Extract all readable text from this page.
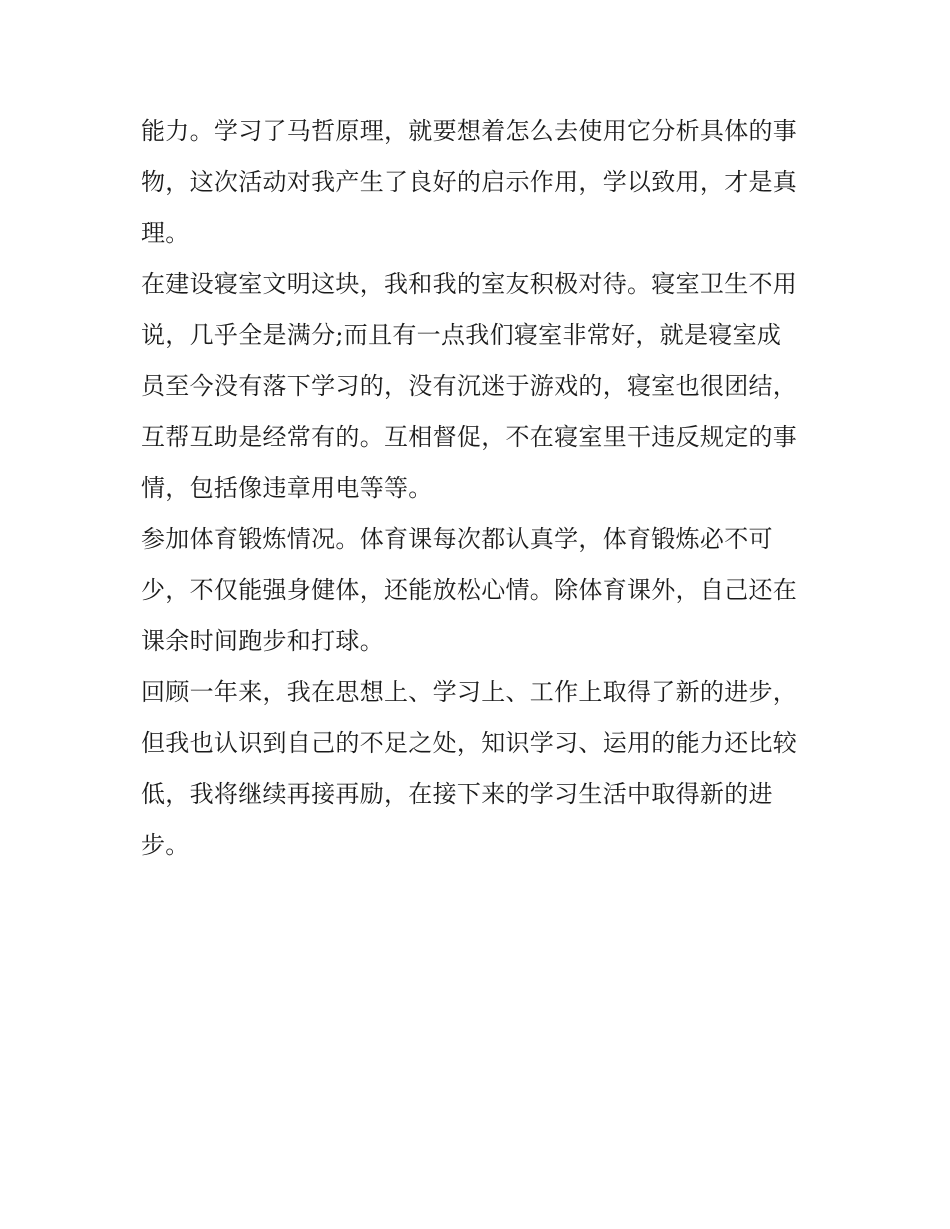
能力。学习了马哲原理，就要想着怎么去使用它分析具体的事
物，这次活动对我产生了良好的启示作用，学以致用，才是真
理。
在建设寝室文明这块，我和我的室友积极对待。寝室卫生不用
说，几乎全是满分;而且有一点我们寝室非常好，就是寝室成
员至今没有落下学习的，没有沉迷于游戏的，寝室也很团结，
互帮互助是经常有的。互相督促，不在寝室里干违反规定的事
情，包括像违章用电等等。
参加体育锻炼情况。体育课每次都认真学，体育锻炼必不可
少，不仅能强身健体，还能放松心情。除体育课外，自己还在
课余时间跑步和打球。
回顾一年来，我在思想上、学习上、工作上取得了新的进步，
但我也认识到自己的不足之处，知识学习、运用的能力还比较
低，我将继续再接再励，在接下来的学习生活中取得新的进
步。
